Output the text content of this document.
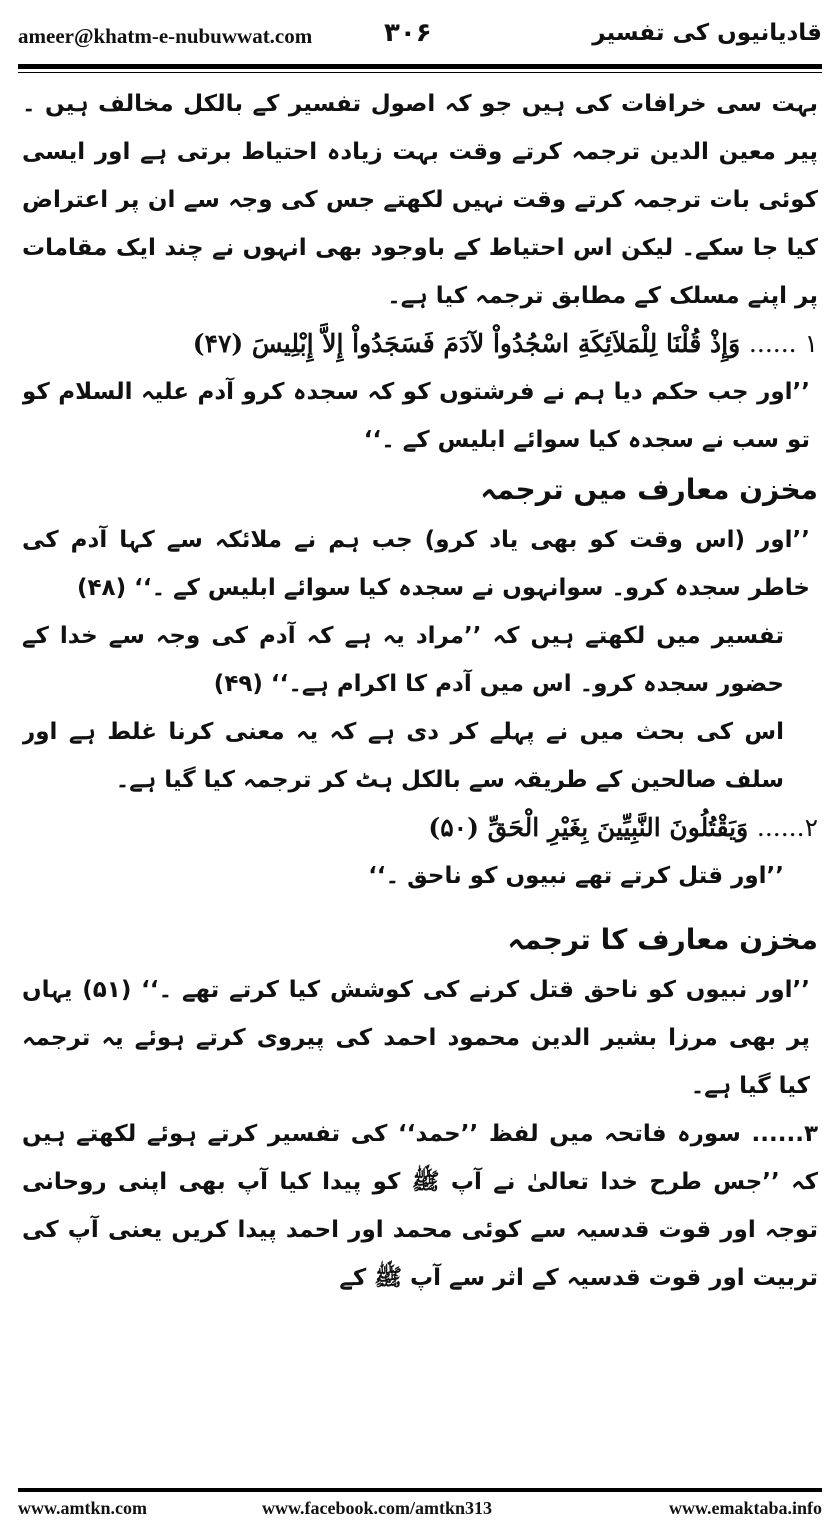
ameer@khatm-e-nubuwwat.com	۳۰۶	قادیانیوں کی تفسیر

بہت سی خرافات کی ہیں جو کہ اصول تفسیر کے بالکل مخالف ہیں ۔ پیر معین الدین ترجمہ کرتے وقت بہت زیادہ احتیاط برتی ہے اور ایسی کوئی بات ترجمہ کرتے وقت نہیں لکھتے جس کی وجہ سے ان پر اعتراض کیا جا سکے۔ لیکن اس احتیاط کے باوجود بھی انہوں نے چند ایک مقامات پر اپنے مسلک کے مطابق ترجمہ کیا ہے۔

۱ ...... وَإِذْ قُلْنَا لِلْمَلاَئِكَةِ اسْجُدُواْ لآدَمَ فَسَجَدُواْ إِلاَّ إِبْلِيسَ (۴۷)

’’اور جب حکم دیا ہم نے فرشتوں کو کہ سجدہ کرو آدم علیہ السلام کو تو سب نے سجدہ کیا سوائے ابلیس کے ۔‘‘

مخزن معارف میں ترجمہ

’’اور (اس وقت کو بھی یاد کرو) جب ہم نے ملائکہ سے کہا آدم کی خاطر سجدہ کرو۔ سوانہوں نے سجدہ کیا سوائے ابلیس کے ۔‘‘ (۴۸)

تفسیر میں لکھتے ہیں کہ ’’مراد یہ ہے کہ آدم کی وجہ سے خدا کے حضور سجدہ کرو۔ اس میں آدم کا اکرام ہے۔‘‘ (۴۹)

اس کی بحث میں نے پہلے کر دی ہے کہ یہ معنی کرنا غلط ہے اور سلف صالحین کے طریقہ سے بالکل ہٹ کر ترجمہ کیا گیا ہے۔

۲...... وَيَقْتُلُونَ النَّبِيِّينَ بِغَيْرِ الْحَقِّ (۵۰)

’’اور قتل کرتے تھے نبیوں کو ناحق ۔‘‘

مخزن معارف کا ترجمہ

’’اور نبیوں کو ناحق قتل کرنے کی کوشش کیا کرتے تھے ۔‘‘ (۵۱) یہاں پر بھی مرزا بشیر الدین محمود احمد کی پیروی کرتے ہوئے یہ ترجمہ کیا گیا ہے۔

۳...... سورہ فاتحہ میں لفظ ’’حمد‘‘ کی تفسیر کرتے ہوئے لکھتے ہیں کہ ’’جس طرح خدا تعالیٰ نے آپ ﷺ کو پیدا کیا آپ بھی اپنی روحانی توجہ اور قوت قدسیہ سے کوئی محمد اور احمد پیدا کریں یعنی آپ کی تربیت اور قوت قدسیہ کے اثر سے آپ ﷺ کے

www.amtkn.com	www.facebook.com/amtkn313	www.emaktaba.info
